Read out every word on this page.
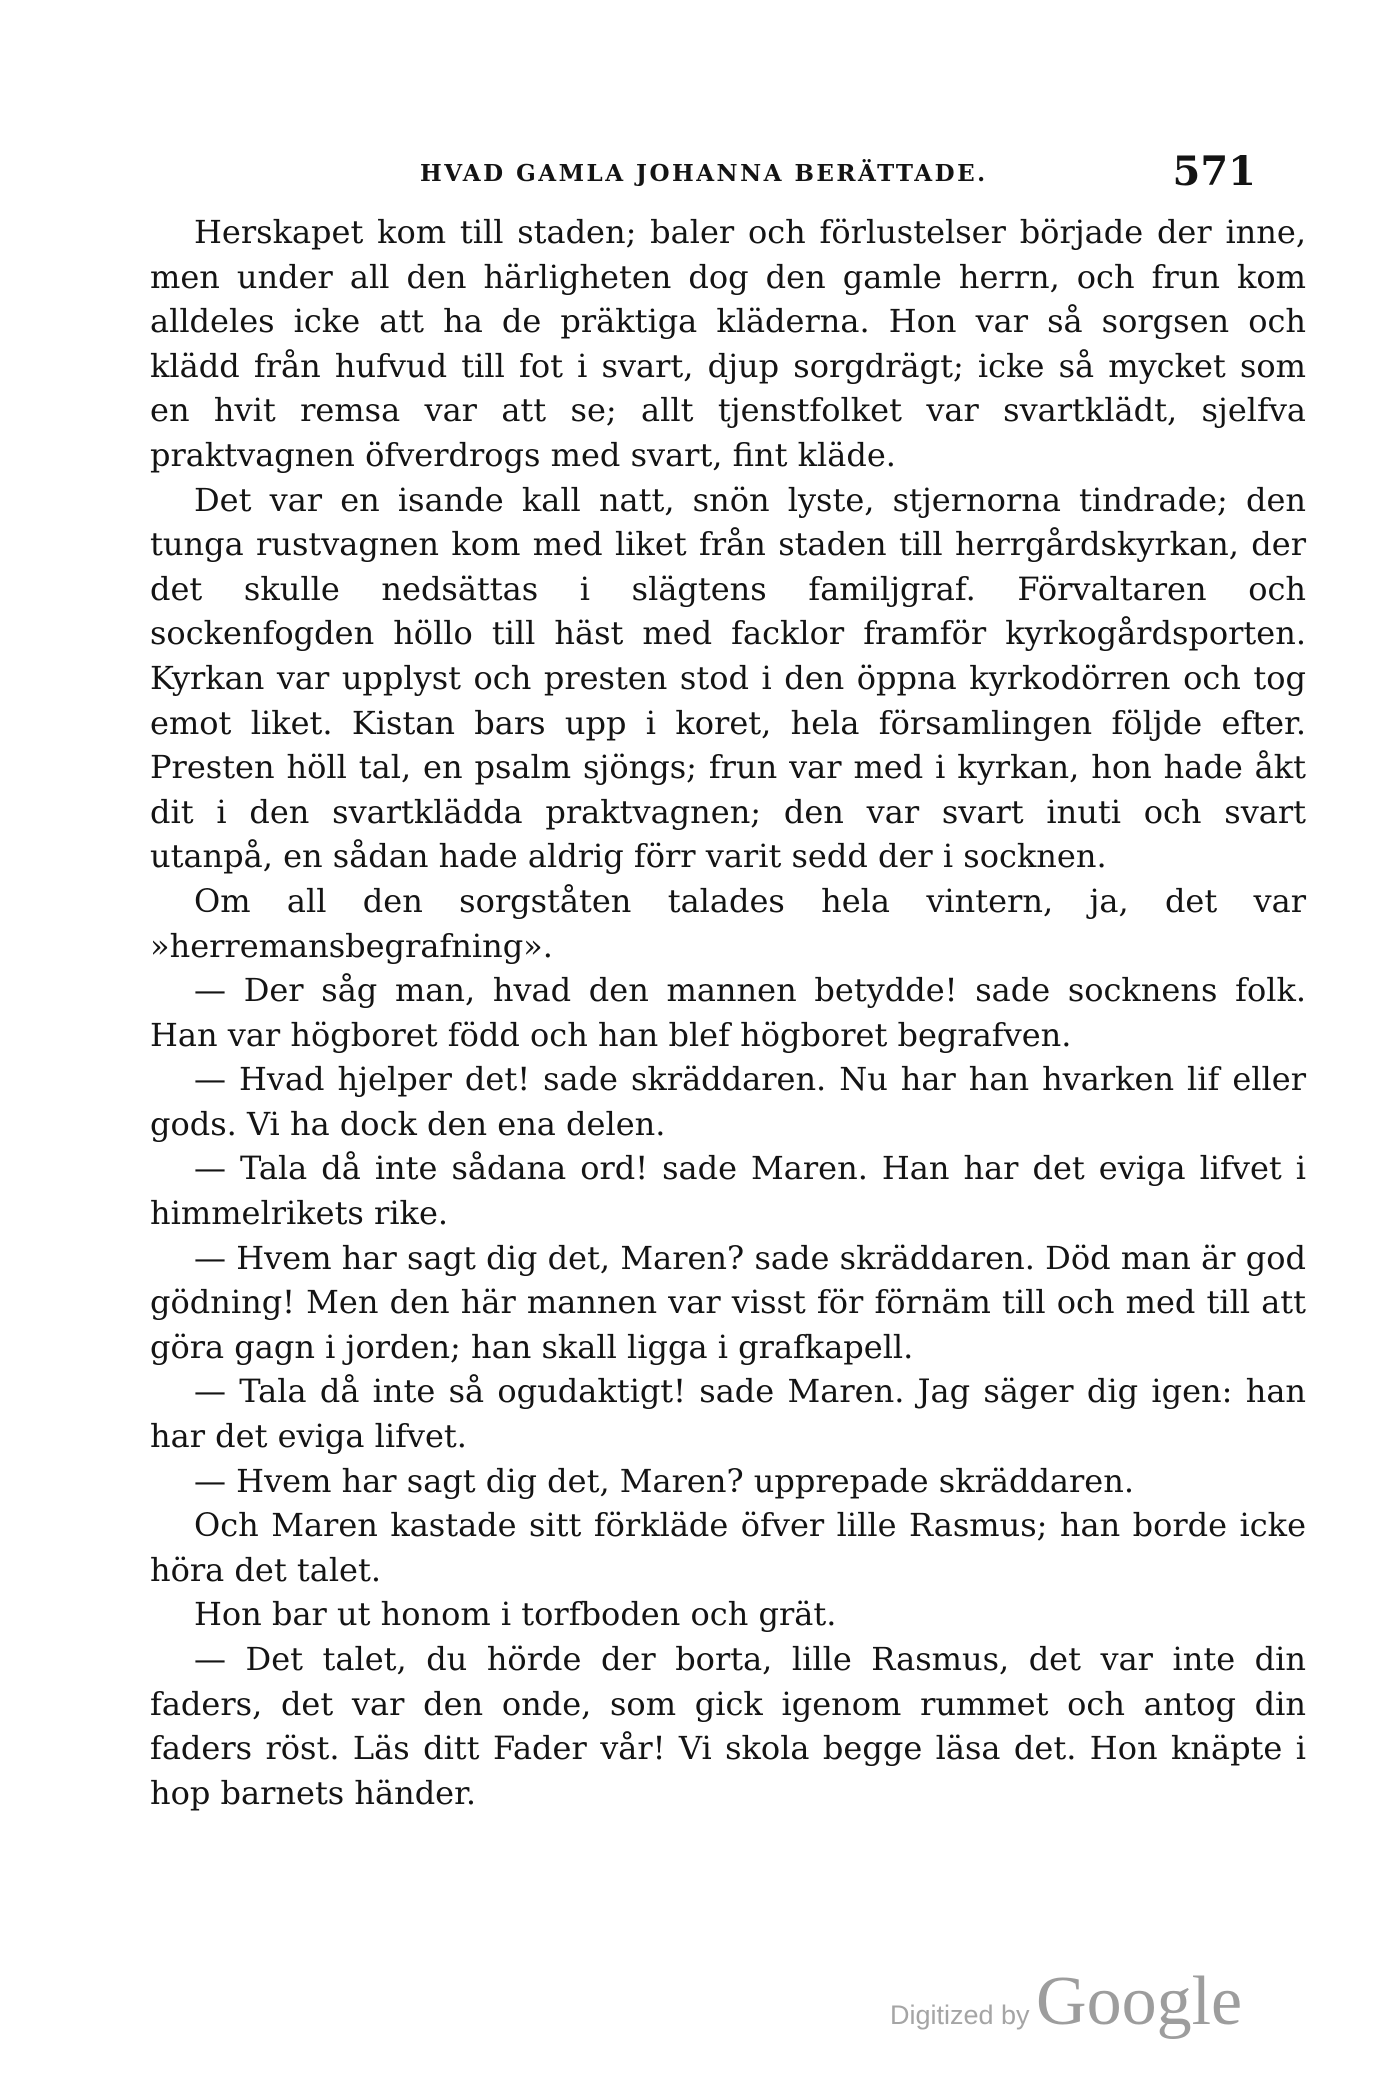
HVAD GAMLA JOHANNA BERÄTTADE.	571

Herskapet kom till staden; baler och förlustelser började der inne, men under all den härligheten dog den gamle herrn, och frun kom alldeles icke att ha de präktiga kläderna. Hon var så sorgsen och klädd från hufvud till fot i svart, djup sorgdrägt; icke så mycket som en hvit remsa var att se; allt tjenstfolket var svartklädt, sjelfva praktvagnen öfverdrogs med svart, fint kläde.

Det var en isande kall natt, snön lyste, stjernorna tindrade; den tunga rustvagnen kom med liket från staden till herrgårdskyrkan, der det skulle nedsättas i slägtens familjgraf. Förvaltaren och sockenfogden höllo till häst med facklor framför kyrkogårdsporten. Kyrkan var upplyst och presten stod i den öppna kyrkodörren och tog emot liket. Kistan bars upp i koret, hela församlingen följde efter. Presten höll tal, en psalm sjöngs; frun var med i kyrkan, hon hade åkt dit i den svartklädda praktvagnen; den var svart inuti och svart utanpå, en sådan hade aldrig förr varit sedd der i socknen.

Om all den sorgståten talades hela vintern, ja, det var »herremansbegrafning».

— Der såg man, hvad den mannen betydde! sade socknens folk. Han var högboret född och han blef högboret begrafven.

— Hvad hjelper det! sade skräddaren. Nu har han hvarken lif eller gods. Vi ha dock den ena delen.

— Tala då inte sådana ord! sade Maren. Han har det eviga lifvet i himmelrikets rike.

— Hvem har sagt dig det, Maren? sade skräddaren. Död man är god gödning! Men den här mannen var visst för förnäm till och med till att göra gagn i jorden; han skall ligga i grafkapell.

— Tala då inte så ogudaktigt! sade Maren. Jag säger dig igen: han har det eviga lifvet.

— Hvem har sagt dig det, Maren? upprepade skräddaren.

Och Maren kastade sitt förkläde öfver lille Rasmus; han borde icke höra det talet.

Hon bar ut honom i torfboden och grät.

— Det talet, du hörde der borta, lille Rasmus, det var inte din faders, det var den onde, som gick igenom rummet och antog din faders röst. Läs ditt Fader vår! Vi skola begge läsa det. Hon knäpte i hop barnets händer.

Digitized by Google
